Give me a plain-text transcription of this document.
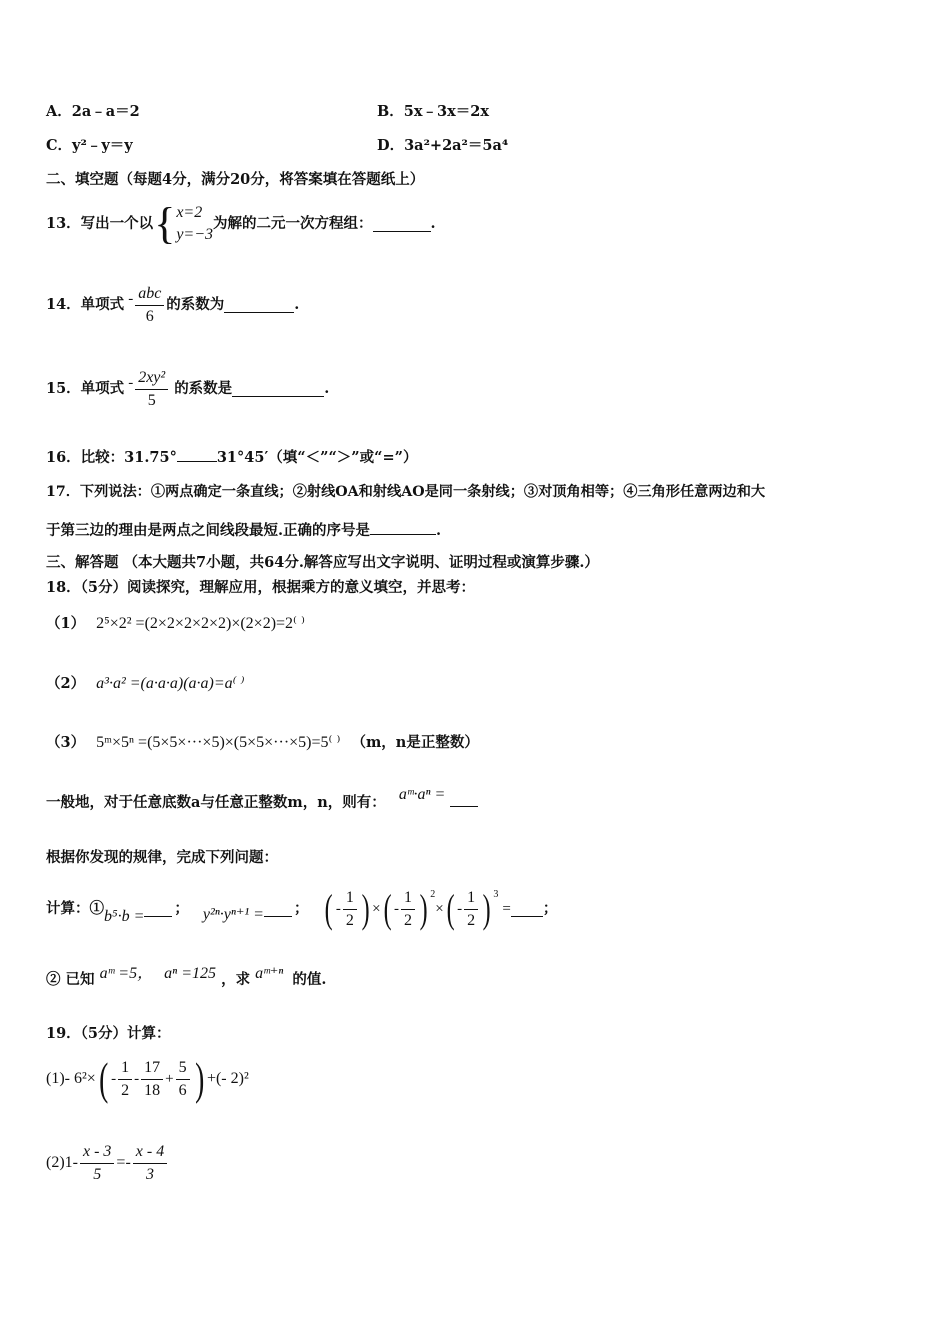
A．2a﹣a＝2	B．5x﹣3x＝2x
C．y²﹣y＝y	D．3a²+2a²＝5a⁴
二、填空题（每题4分，满分20分，将答案填在答题纸上）
13．写出一个以 { x=2
y=−3
为解的二元一次方程组：	.
14．单项式 - $\frac{\text{abc}}{6}$ 的系数为	.
15．单项式 - $\frac{\text{2xy²}}{5}$ 的系数是	.
16．比较：31.75°	31°45′（填“＜”“＞”或“=”）
17．下列说法：①两点确定一条直线；②射线OA和射线AO是同一条射线；③对顶角相等；④三角形任意两边和大
于第三边的理由是两点之间线段最短.正确的序号是	.
三、解答题 （本大题共7小题，共64分.解答应写出文字说明、证明过程或演算步骤.）
18．（5分）阅读探究，理解应用，根据乘方的意义填空，并思考：
（1） 2⁵×2² =(2×2×2×2×2)×(2×2)=2⁽ ⁾
（2） a³·a² =(a·a·a)(a·a)=a⁽ ⁾
（3） 5ᵐ×5ⁿ =(5×5×···×5)×(5×5×···×5)=5⁽ ⁾ （m，n是正整数）
一般地，对于任意底数a与任意正整数m，n，则有： aᵐ·aⁿ =
根据你发现的规律，完成下列问题：
计算：① b⁵·b = ； y²ⁿ·yⁿ⁺¹ = ； ( - $\frac{1}{2}$ ) × ( - $\frac{1}{2}$ ) $^2$
× ( - $\frac{1}{2}$ ) $^3$
= ；
② 已知 aᵐ =5， aⁿ =125 ，求 aᵐ⁺ⁿ 的值.
19．（5分）计算：
(1)- 6²× ( - $\frac{1}{2} - \frac{17}{18} + \frac{5}{6}$ ) +(- 2)²
$(2)1- \frac{x - 3}{5} =- \frac{x - 4}{3}$
